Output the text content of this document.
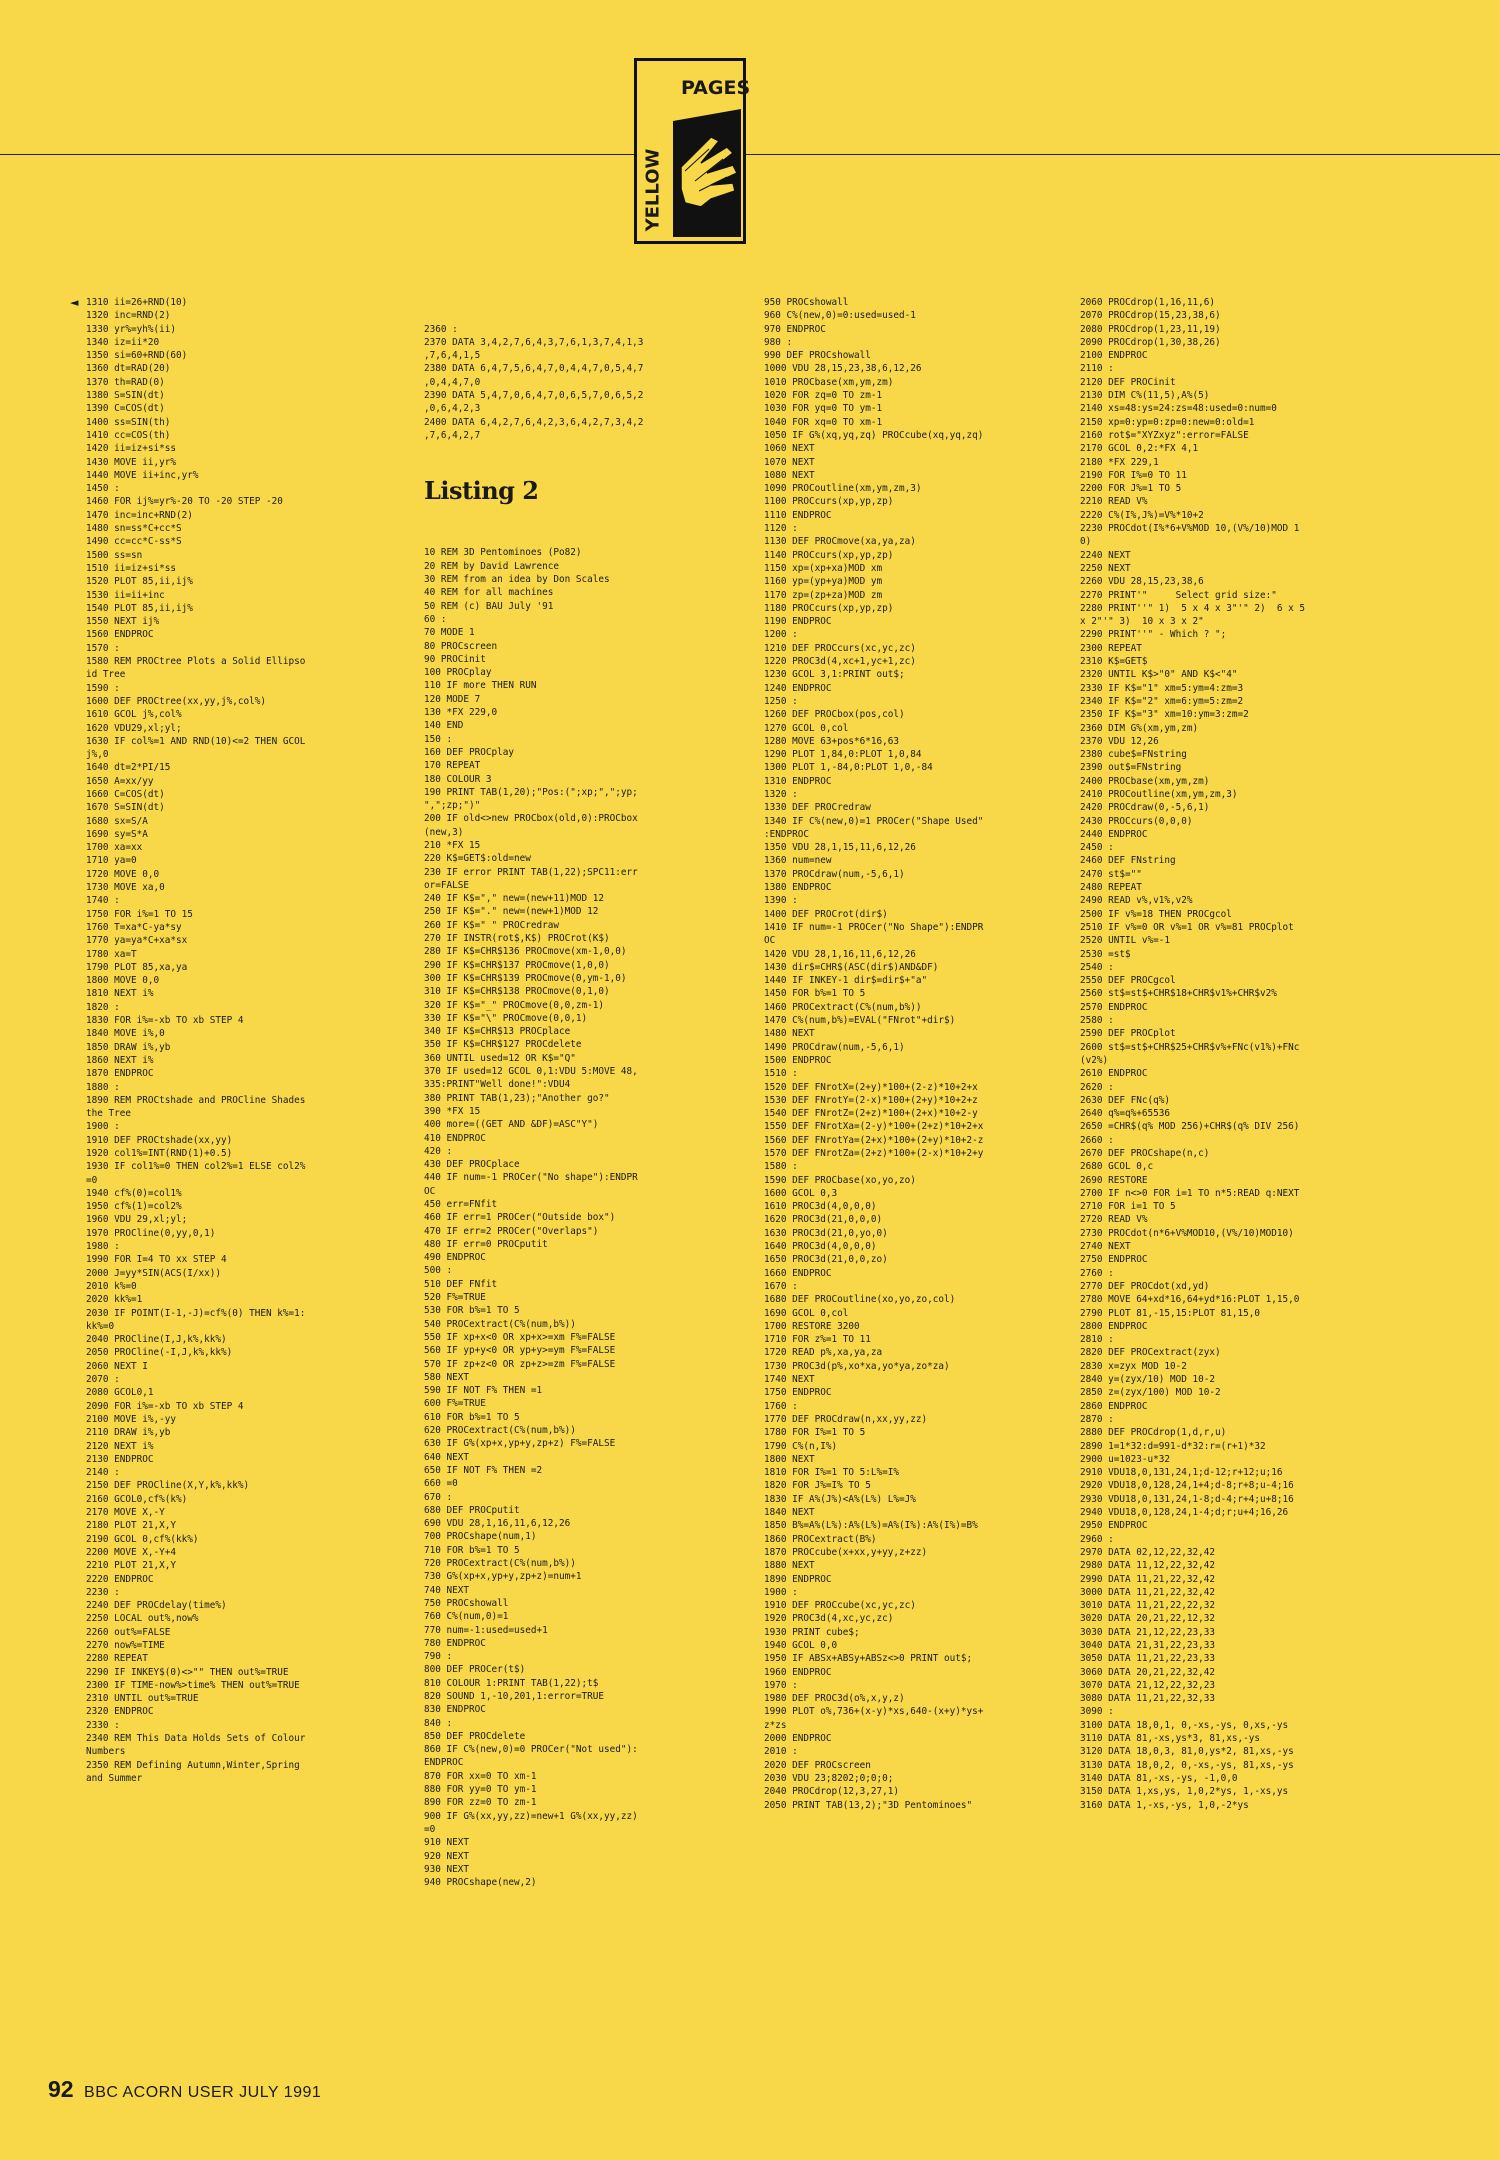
PAGES
YELLOW
◄ 1310 ii=26+RND(10)
1320 inc=RND(2)
1330 yr%=yh%(ii)
1340 iz=ii*20
1350 si=60+RND(60)
1360 dt=RAD(20)
1370 th=RAD(0)
1380 S=SIN(dt)
1390 C=COS(dt)
1400 ss=SIN(th)
1410 cc=COS(th)
1420 ii=iz+si*ss
1430 MOVE ii,yr%
1440 MOVE ii+inc,yr%
1450 :
1460 FOR ij%=yr%-20 TO -20 STEP -20
1470 inc=inc+RND(2)
1480 sn=ss*C+cc*S
1490 cc=cc*C-ss*S
1500 ss=sn
1510 ii=iz+si*ss
1520 PLOT 85,ii,ij%
1530 ii=ii+inc
1540 PLOT 85,ii,ij%
1550 NEXT ij%
1560 ENDPROC
1570 :
1580 REM PROCtree Plots a Solid Ellipso
id Tree
1590 :
1600 DEF PROCtree(xx,yy,j%,col%)
1610 GCOL j%,col%
1620 VDU29,xl;yl;
1630 IF col%=1 AND RND(10)<=2 THEN GCOL
j%,0
1640 dt=2*PI/15
1650 A=xx/yy
1660 C=COS(dt)
1670 S=SIN(dt)
1680 sx=S/A
1690 sy=S*A
1700 xa=xx
1710 ya=0
1720 MOVE 0,0
1730 MOVE xa,0
1740 :
1750 FOR i%=1 TO 15
1760 T=xa*C-ya*sy
1770 ya=ya*C+xa*sx
1780 xa=T
1790 PLOT 85,xa,ya
1800 MOVE 0,0
1810 NEXT i%
1820 :
1830 FOR i%=-xb TO xb STEP 4
1840 MOVE i%,0
1850 DRAW i%,yb
1860 NEXT i%
1870 ENDPROC
1880 :
1890 REM PROCtshade and PROCline Shades
the Tree
1900 :
1910 DEF PROCtshade(xx,yy)
1920 col1%=INT(RND(1)+0.5)
1930 IF col1%=0 THEN col2%=1 ELSE col2%
=0
1940 cf%(0)=col1%
1950 cf%(1)=col2%
1960 VDU 29,xl;yl;
1970 PROCline(0,yy,0,1)
1980 :
1990 FOR I=4 TO xx STEP 4
2000 J=yy*SIN(ACS(I/xx))
2010 k%=0
2020 kk%=1
2030 IF POINT(I-1,-J)=cf%(0) THEN k%=1:
kk%=0
2040 PROCline(I,J,k%,kk%)
2050 PROCline(-I,J,k%,kk%)
2060 NEXT I
2070 :
2080 GCOL0,1
2090 FOR i%=-xb TO xb STEP 4
2100 MOVE i%,-yy
2110 DRAW i%,yb
2120 NEXT i%
2130 ENDPROC
2140 :
2150 DEF PROCline(X,Y,k%,kk%)
2160 GCOL0,cf%(k%)
2170 MOVE X,-Y
2180 PLOT 21,X,Y
2190 GCOL 0,cf%(kk%)
2200 MOVE X,-Y+4
2210 PLOT 21,X,Y
2220 ENDPROC
2230 :
2240 DEF PROCdelay(time%)
2250 LOCAL out%,now%
2260 out%=FALSE
2270 now%=TIME
2280 REPEAT
2290 IF INKEY$(0)<>"" THEN out%=TRUE
2300 IF TIME-now%>time% THEN out%=TRUE
2310 UNTIL out%=TRUE
2320 ENDPROC
2330 :
2340 REM This Data Holds Sets of Colour
Numbers
2350 REM Defining Autumn,Winter,Spring
and Summer

2360 :
2370 DATA 3,4,2,7,6,4,3,7,6,1,3,7,4,1,3
,7,6,4,1,5
2380 DATA 6,4,7,5,6,4,7,0,4,4,7,0,5,4,7
,0,4,4,7,0
2390 DATA 5,4,7,0,6,4,7,0,6,5,7,0,6,5,2
,0,6,4,2,3
2400 DATA 6,4,2,7,6,4,2,3,6,4,2,7,3,4,2
,7,6,4,2,7

Listing 2

10 REM 3D Pentominoes (Po82)
20 REM by David Lawrence
30 REM from an idea by Don Scales
40 REM for all machines
50 REM (c) BAU July '91
60 :
70 MODE 1
80 PROCscreen
90 PROCinit
100 PROCplay
110 IF more THEN RUN
120 MODE 7
130 *FX 229,0
140 END
150 :
160 DEF PROCplay
170 REPEAT
180 COLOUR 3
190 PRINT TAB(1,20);"Pos:(";xp;",";yp;
",";zp;")"
200 IF old<>new PROCbox(old,0):PROCbox
(new,3)
210 *FX 15
220 K$=GET$:old=new
230 IF error PRINT TAB(1,22);SPC11:err
or=FALSE
240 IF K$="," new=(new+11)MOD 12
250 IF K$="." new=(new+1)MOD 12
260 IF K$=" " PROCredraw
270 IF INSTR(rot$,K$) PROCrot(K$)
280 IF K$=CHR$136 PROCmove(xm-1,0,0)
290 IF K$=CHR$137 PROCmove(1,0,0)
300 IF K$=CHR$139 PROCmove(0,ym-1,0)
310 IF K$=CHR$138 PROCmove(0,1,0)
320 IF K$="_" PROCmove(0,0,zm-1)
330 IF K$="\" PROCmove(0,0,1)
340 IF K$=CHR$13 PROCplace
350 IF K$=CHR$127 PROCdelete
360 UNTIL used=12 OR K$="Q"
370 IF used=12 GCOL 0,1:VDU 5:MOVE 48,
335:PRINT"Well done!":VDU4
380 PRINT TAB(1,23);"Another go?"
390 *FX 15
400 more=((GET AND &DF)=ASC"Y")
410 ENDPROC
420 :
430 DEF PROCplace
440 IF num=-1 PROCer("No shape"):ENDPR
OC
450 err=FNfit
460 IF err=1 PROCer("Outside box")
470 IF err=2 PROCer("Overlaps")
480 IF err=0 PROCputit
490 ENDPROC
500 :
510 DEF FNfit
520 F%=TRUE
530 FOR b%=1 TO 5
540 PROCextract(C%(num,b%))
550 IF xp+x<0 OR xp+x>=xm F%=FALSE
560 IF yp+y<0 OR yp+y>=ym F%=FALSE
570 IF zp+z<0 OR zp+z>=zm F%=FALSE
580 NEXT
590 IF NOT F% THEN =1
600 F%=TRUE
610 FOR b%=1 TO 5
620 PROCextract(C%(num,b%))
630 IF G%(xp+x,yp+y,zp+z) F%=FALSE
640 NEXT
650 IF NOT F% THEN =2
660 =0
670 :
680 DEF PROCputit
690 VDU 28,1,16,11,6,12,26
700 PROCshape(num,1)
710 FOR b%=1 TO 5
720 PROCextract(C%(num,b%))
730 G%(xp+x,yp+y,zp+z)=num+1
740 NEXT
750 PROCshowall
760 C%(num,0)=1
770 num=-1:used=used+1
780 ENDPROC
790 :
800 DEF PROCer(t$)
810 COLOUR 1:PRINT TAB(1,22);t$
820 SOUND 1,-10,201,1:error=TRUE
830 ENDPROC
840 :
850 DEF PROCdelete
860 IF C%(new,0)=0 PROCer("Not used"):
ENDPROC
870 FOR xx=0 TO xm-1
880 FOR yy=0 TO ym-1
890 FOR zz=0 TO zm-1
900 IF G%(xx,yy,zz)=new+1 G%(xx,yy,zz)
=0
910 NEXT
920 NEXT
930 NEXT
940 PROCshape(new,2)

950 PROCshowall
960 C%(new,0)=0:used=used-1
970 ENDPROC
980 :
990 DEF PROCshowall
1000 VDU 28,15,23,38,6,12,26
1010 PROCbase(xm,ym,zm)
1020 FOR zq=0 TO zm-1
1030 FOR yq=0 TO ym-1
1040 FOR xq=0 TO xm-1
1050 IF G%(xq,yq,zq) PROCcube(xq,yq,zq)
1060 NEXT
1070 NEXT
1080 NEXT
1090 PROCoutline(xm,ym,zm,3)
1100 PROCcurs(xp,yp,zp)
1110 ENDPROC
1120 :
1130 DEF PROCmove(xa,ya,za)
1140 PROCcurs(xp,yp,zp)
1150 xp=(xp+xa)MOD xm
1160 yp=(yp+ya)MOD ym
1170 zp=(zp+za)MOD zm
1180 PROCcurs(xp,yp,zp)
1190 ENDPROC
1200 :
1210 DEF PROCcurs(xc,yc,zc)
1220 PROC3d(4,xc+1,yc+1,zc)
1230 GCOL 3,1:PRINT out$;
1240 ENDPROC
1250 :
1260 DEF PROCbox(pos,col)
1270 GCOL 0,col
1280 MOVE 63+pos*6*16,63
1290 PLOT 1,84,0:PLOT 1,0,84
1300 PLOT 1,-84,0:PLOT 1,0,-84
1310 ENDPROC
1320 :
1330 DEF PROCredraw
1340 IF C%(new,0)=1 PROCer("Shape Used"
:ENDPROC
1350 VDU 28,1,15,11,6,12,26
1360 num=new
1370 PROCdraw(num,-5,6,1)
1380 ENDPROC
1390 :
1400 DEF PROCrot(dir$)
1410 IF num=-1 PROCer("No Shape"):ENDPR
OC
1420 VDU 28,1,16,11,6,12,26
1430 dir$=CHR$(ASC(dir$)AND&DF)
1440 IF INKEY-1 dir$=dir$+"a"
1450 FOR b%=1 TO 5
1460 PROCextract(C%(num,b%))
1470 C%(num,b%)=EVAL("FNrot"+dir$)
1480 NEXT
1490 PROCdraw(num,-5,6,1)
1500 ENDPROC
1510 :
1520 DEF FNrotX=(2+y)*100+(2-z)*10+2+x
1530 DEF FNrotY=(2-x)*100+(2+y)*10+2+z
1540 DEF FNrotZ=(2+z)*100+(2+x)*10+2-y
1550 DEF FNrotXa=(2-y)*100+(2+z)*10+2+x
1560 DEF FNrotYa=(2+x)*100+(2+y)*10+2-z
1570 DEF FNrotZa=(2+z)*100+(2-x)*10+2+y
1580 :
1590 DEF PROCbase(xo,yo,zo)
1600 GCOL 0,3
1610 PROC3d(4,0,0,0)
1620 PROC3d(21,0,0,0)
1630 PROC3d(21,0,yo,0)
1640 PROC3d(4,0,0,0)
1650 PROC3d(21,0,0,zo)
1660 ENDPROC
1670 :
1680 DEF PROCoutline(xo,yo,zo,col)
1690 GCOL 0,col
1700 RESTORE 3200
1710 FOR z%=1 TO 11
1720 READ p%,xa,ya,za
1730 PROC3d(p%,xo*xa,yo*ya,zo*za)
1740 NEXT
1750 ENDPROC
1760 :
1770 DEF PROCdraw(n,xx,yy,zz)
1780 FOR I%=1 TO 5
1790 C%(n,I%)
1800 NEXT
1810 FOR I%=1 TO 5:L%=I%
1820 FOR J%=I% TO 5
1830 IF A%(J%)<A%(L%) L%=J%
1840 NEXT
1850 B%=A%(L%):A%(L%)=A%(I%):A%(I%)=B%
1860 PROCextract(B%)
1870 PROCcube(x+xx,y+yy,z+zz)
1880 NEXT
1890 ENDPROC
1900 :
1910 DEF PROCcube(xc,yc,zc)
1920 PROC3d(4,xc,yc,zc)
1930 PRINT cube$;
1940 GCOL 0,0
1950 IF ABSx+ABSy+ABSz<>0 PRINT out$;
1960 ENDPROC
1970 :
1980 DEF PROC3d(o%,x,y,z)
1990 PLOT o%,736+(x-y)*xs,640-(x+y)*ys+
z*zs
2000 ENDPROC
2010 :
2020 DEF PROCscreen
2030 VDU 23;8202;0;0;0;
2040 PROCdrop(12,3,27,1)
2050 PRINT TAB(13,2);"3D Pentominoes"
2060 PROCdrop(1,16,11,6)
2070 PROCdrop(15,23,38,6)
2080 PROCdrop(1,23,11,19)
2090 PROCdrop(1,30,38,26)
2100 ENDPROC
2110 :
2120 DEF PROCinit
2130 DIM C%(11,5),A%(5)
2140 xs=48:ys=24:zs=48:used=0:num=0
2150 xp=0:yp=0:zp=0:new=0:old=1
2160 rot$="XYZxyz":error=FALSE
2170 GCOL 0,2:*FX 4,1
2180 *FX 229,1
2190 FOR I%=0 TO 11
2200 FOR J%=1 TO 5
2210 READ V%
2220 C%(I%,J%)=V%*10+2
2230 PROCdot(I%*6+V%MOD 10,(V%/10)MOD 1
0)
2240 NEXT
2250 NEXT
2260 VDU 28,15,23,38,6
2270 PRINT'"     Select grid size:"
2280 PRINT''" 1)  5 x 4 x 3"'" 2)  6 x 5
x 2"'" 3)  10 x 3 x 2"
2290 PRINT''" - Which ? ";
2300 REPEAT
2310 K$=GET$
2320 UNTIL K$>"0" AND K$<"4"
2330 IF K$="1" xm=5:ym=4:zm=3
2340 IF K$="2" xm=6:ym=5:zm=2
2350 IF K$="3" xm=10:ym=3:zm=2
2360 DIM G%(xm,ym,zm)
2370 VDU 12,26
2380 cube$=FNstring
2390 out$=FNstring
2400 PROCbase(xm,ym,zm)
2410 PROCoutline(xm,ym,zm,3)
2420 PROCdraw(0,-5,6,1)
2430 PROCcurs(0,0,0)
2440 ENDPROC
2450 :
2460 DEF FNstring
2470 st$=""
2480 REPEAT
2490 READ v%,v1%,v2%
2500 IF v%=18 THEN PROCgcol
2510 IF v%=0 OR v%=1 OR v%=81 PROCplot
2520 UNTIL v%=-1
2530 =st$
2540 :
2550 DEF PROCgcol
2560 st$=st$+CHR$18+CHR$v1%+CHR$v2%
2570 ENDPROC
2580 :
2590 DEF PROCplot
2600 st$=st$+CHR$25+CHR$v%+FNc(v1%)+FNc
(v2%)
2610 ENDPROC
2620 :
2630 DEF FNc(q%)
2640 q%=q%+65536
2650 =CHR$(q% MOD 256)+CHR$(q% DIV 256)
2660 :
2670 DEF PROCshape(n,c)
2680 GCOL 0,c
2690 RESTORE
2700 IF n<>0 FOR i=1 TO n*5:READ q:NEXT
2710 FOR i=1 TO 5
2720 READ V%
2730 PROCdot(n*6+V%MOD10,(V%/10)MOD10)
2740 NEXT
2750 ENDPROC
2760 :
2770 DEF PROCdot(xd,yd)
2780 MOVE 64+xd*16,64+yd*16:PLOT 1,15,0
2790 PLOT 81,-15,15:PLOT 81,15,0
2800 ENDPROC
2810 :
2820 DEF PROCextract(zyx)
2830 x=zyx MOD 10-2
2840 y=(zyx/10) MOD 10-2
2850 z=(zyx/100) MOD 10-2
2860 ENDPROC
2870 :
2880 DEF PROCdrop(1,d,r,u)
2890 1=1*32:d=991-d*32:r=(r+1)*32
2900 u=1023-u*32
2910 VDU18,0,131,24,1;d-12;r+12;u;16
2920 VDU18,0,128,24,1+4;d-8;r+8;u-4;16
2930 VDU18,0,131,24,1-8;d-4;r+4;u+8;16
2940 VDU18,0,128,24,1-4;d;r;u+4;16,26
2950 ENDPROC
2960 :
2970 DATA 02,12,22,32,42
2980 DATA 11,12,22,32,42
2990 DATA 11,21,22,32,42
3000 DATA 11,21,22,32,42
3010 DATA 11,21,22,22,32
3020 DATA 20,21,22,12,32
3030 DATA 21,12,22,23,33
3040 DATA 21,31,22,23,33
3050 DATA 11,21,22,23,33
3060 DATA 20,21,22,32,42
3070 DATA 21,12,22,32,23
3080 DATA 11,21,22,32,33
3090 :
3100 DATA 18,0,1, 0,-xs,-ys, 0,xs,-ys
3110 DATA 81,-xs,ys*3, 81,xs,-ys
3120 DATA 18,0,3, 81,0,ys*2, 81,xs,-ys
3130 DATA 18,0,2, 0,-xs,-ys, 81,xs,-ys
3140 DATA 81,-xs,-ys, -1,0,0
3150 DATA 1,xs,ys, 1,0,2*ys, 1,-xs,ys
3160 DATA 1,-xs,-ys, 1,0,-2*ys
92 BBC ACORN USER JULY 1991
